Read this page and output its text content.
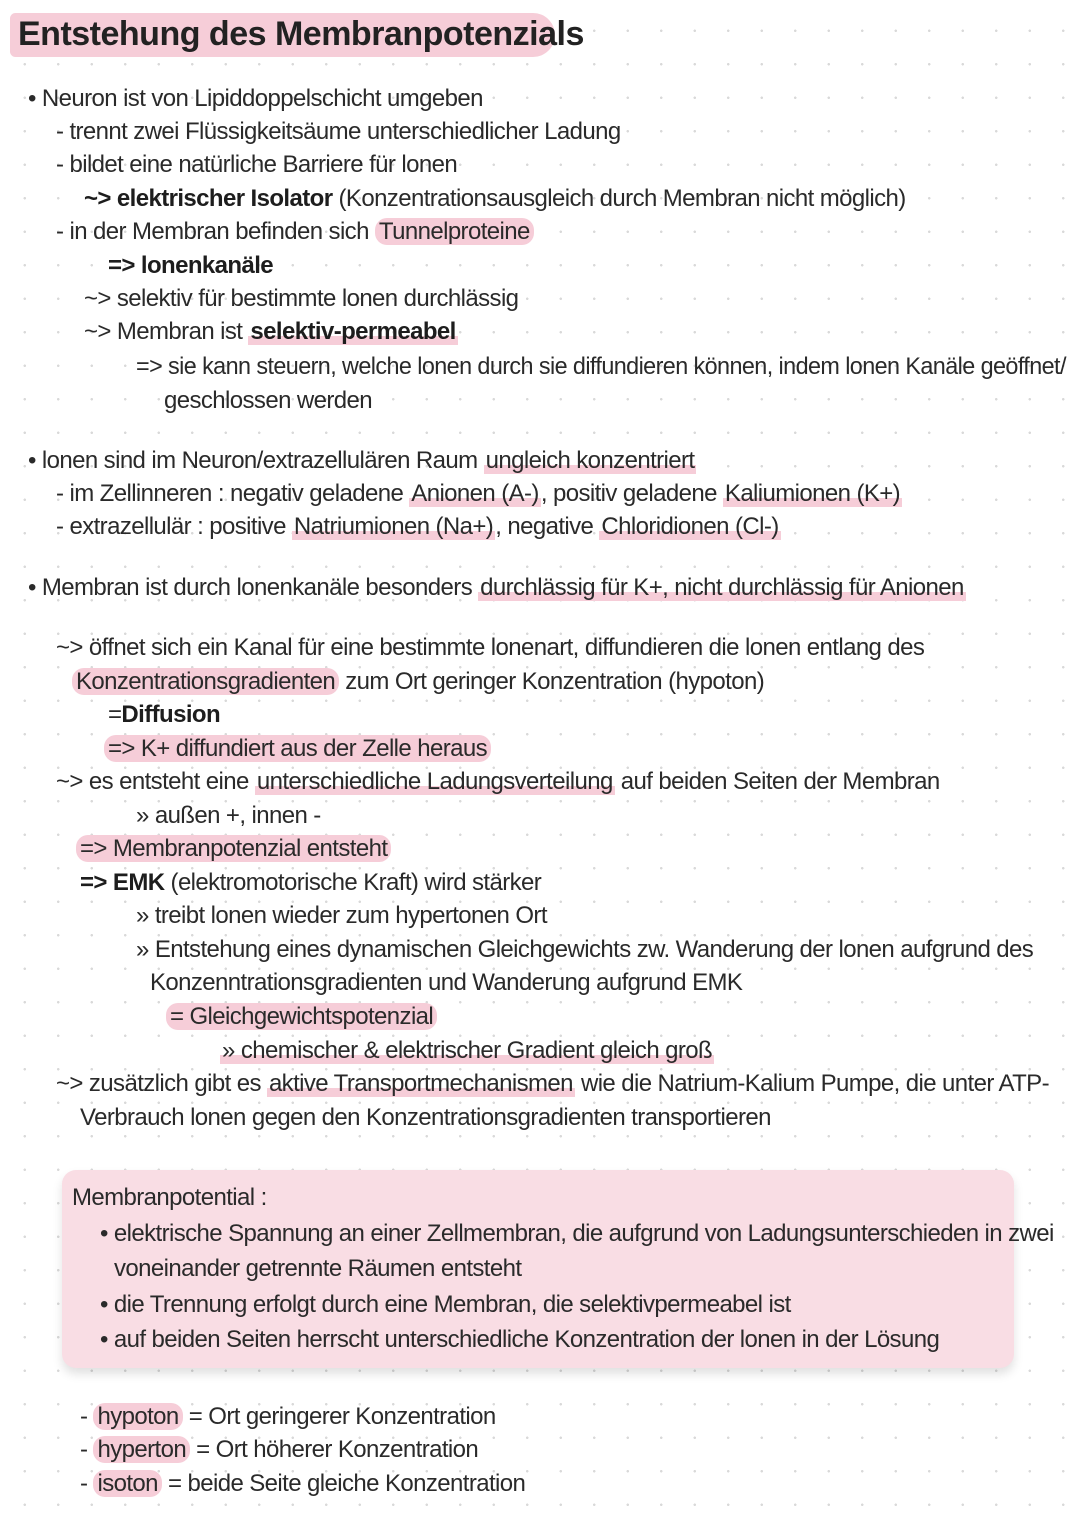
Entstehung des Membranpotenzials
• Neuron ist von Lipiddoppelschicht umgeben
- trennt zwei Flüssigkeitsäume unterschiedlicher Ladung
- bildet eine natürliche Barriere für lonen
~> elektrischer Isolator (Konzentrationsausgleich durch Membran nicht möglich)
- in der Membran befinden sich Tunnelproteine
=> lonenkanäle
~> selektiv für bestimmte lonen durchlässig
~> Membran ist selektiv-permeabel
=> sie kann steuern, welche lonen durch sie diffundieren können, indem lonen Kanäle geöffnet/
geschlossen werden
• lonen sind im Neuron/extrazellulären Raum ungleich konzentriert
- im Zellinneren : negativ geladene Anionen (A-), positiv geladene Kaliumionen (K+)
- extrazellulär : positive Natriumionen (Na+), negative Chloridionen (Cl-)
• Membran ist durch lonenkanäle besonders durchlässig für K+, nicht durchlässig für Anionen
~> öffnet sich ein Kanal für eine bestimmte lonenart, diffundieren die lonen entlang des
Konzentrationsgradienten zum Ort geringer Konzentration (hypoton)
=Diffusion
=> K+ diffundiert aus der Zelle heraus
~> es entsteht eine unterschiedliche Ladungsverteilung auf beiden Seiten der Membran
» außen +, innen -
=> Membranpotenzial entsteht
=> EMK (elektromotorische Kraft) wird stärker
» treibt lonen wieder zum hypertonen Ort
» Entstehung eines dynamischen Gleichgewichts zw. Wanderung der lonen aufgrund des
Konzenntrationsgradienten und Wanderung aufgrund EMK
= Gleichgewichtspotenzial
» chemischer & elektrischer Gradient gleich groß
~> zusätzlich gibt es aktive Transportmechanismen wie die Natrium-Kalium Pumpe, die unter ATP-
Verbrauch lonen gegen den Konzentrationsgradienten transportieren
Membranpotential :
• elektrische Spannung an einer Zellmembran, die aufgrund von Ladungsunterschieden in zwei
voneinander getrennte Räumen entsteht
• die Trennung erfolgt durch eine Membran, die selektivpermeabel ist
• auf beiden Seiten herrscht unterschiedliche Konzentration der lonen in der Lösung
- hypoton = Ort geringerer Konzentration
- hyperton = Ort höherer Konzentration
- isoton = beide Seite gleiche Konzentration
